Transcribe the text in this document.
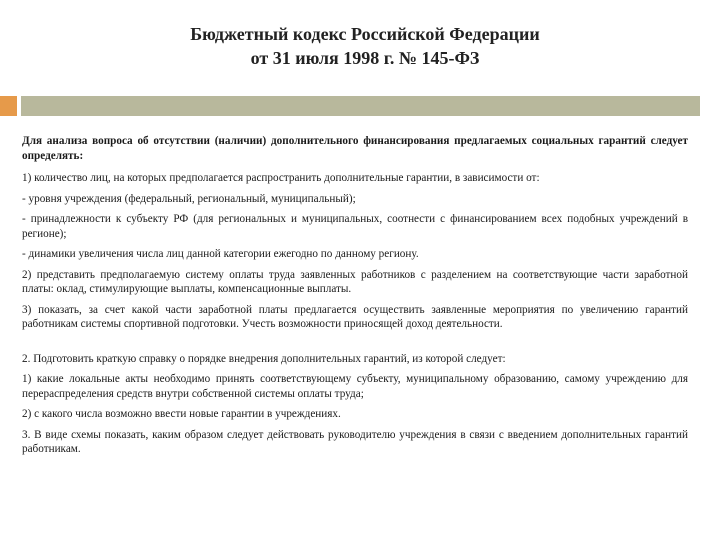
Бюджетный кодекс Российской Федерации
от 31 июля 1998 г. № 145-ФЗ

Для анализа вопроса об отсутствии (наличии) дополнительного финансирования предлагаемых социальных гарантий следует определять:

1) количество лиц, на которых предполагается распространить дополнительные гарантии, в зависимости от:

- уровня учреждения (федеральный, региональный, муниципальный);

- принадлежности к субъекту РФ (для региональных и муниципальных, соотнести с финансированием всех подобных учреждений в регионе);

- динамики увеличения числа лиц данной категории ежегодно по данному региону.

2) представить предполагаемую систему оплаты труда заявленных работников с разделением на соответствующие части заработной платы: оклад, стимулирующие выплаты, компенсационные выплаты.

3) показать, за счет какой части заработной платы предлагается осуществить заявленные мероприятия по увеличению гарантий работникам системы спортивной подготовки. Учесть возможности приносящей доход деятельности.

2. Подготовить краткую справку о порядке внедрения дополнительных гарантий, из которой следует:

1) какие локальные акты необходимо принять соответствующему субъекту, муниципальному образованию, самому учреждению для перераспределения средств внутри собственной системы оплаты труда;

2) с какого числа возможно ввести новые гарантии в учреждениях.

3. В виде схемы показать, каким образом следует действовать руководителю учреждения в связи с введением дополнительных гарантий работникам.
